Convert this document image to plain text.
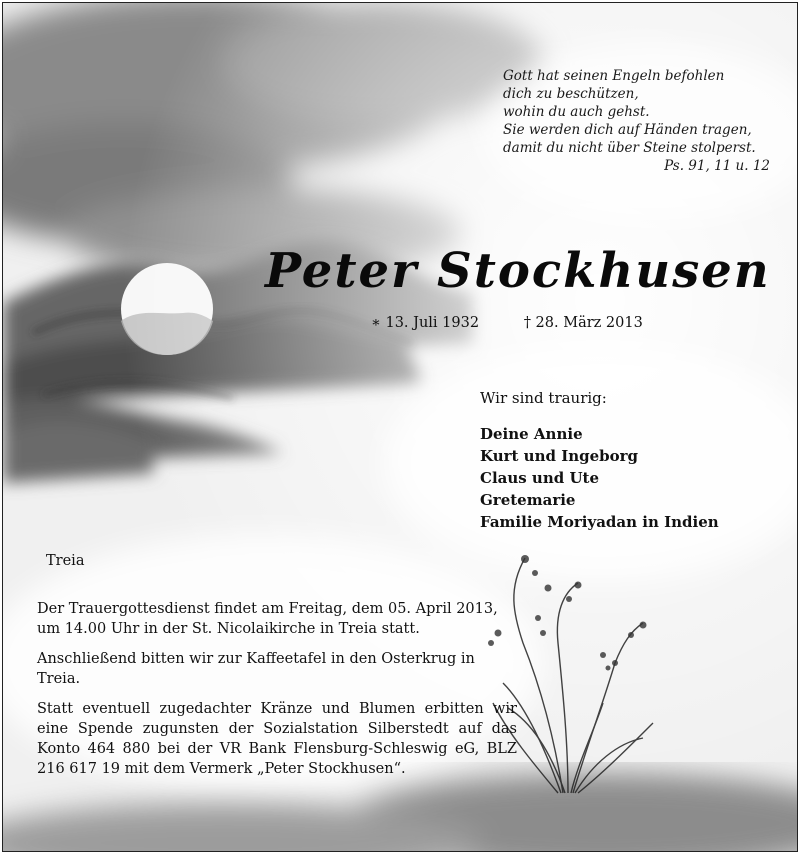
Gott hat seinen Engeln befohlen
dich zu beschützen,
wohin du auch gehst.
Sie werden dich auf Händen tragen,
damit du nicht über Steine stolperst.
Ps. 91, 11 u. 12
Peter Stockhusen
∗ 13. Juli 1932	† 28. März 2013
Wir sind traurig:
Deine Annie
Kurt und Ingeborg
Claus und Ute
Gretemarie
Familie Moriyadan in Indien
Treia

Der Trauergottesdienst findet am Freitag, dem 05. April 2013, um 14.00 Uhr in der St. Nicolaikirche in Treia statt.

Anschließend bitten wir zur Kaffeetafel in den Osterkrug in Treia.

Statt eventuell zugedachter Kränze und Blumen erbitten wir eine Spende zugunsten der Sozialstation Silberstedt auf das Konto 464 880 bei der VR Bank Flensburg-Schleswig eG, BLZ 216 617 19 mit dem Vermerk „Peter Stockhusen“.
